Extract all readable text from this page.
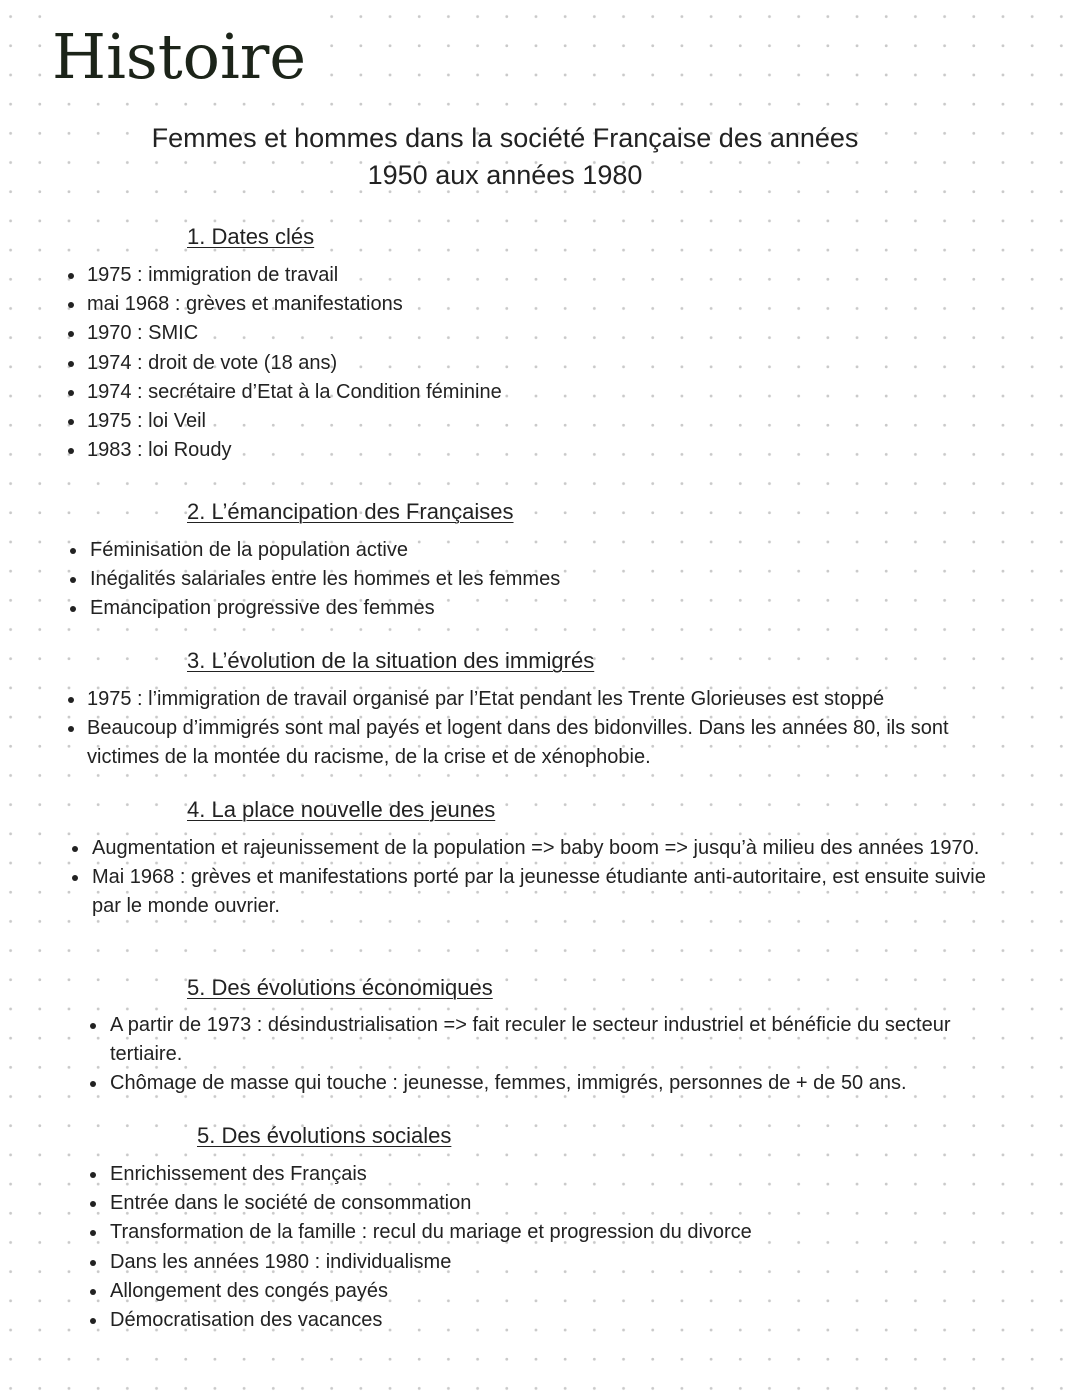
Histoire
Femmes et hommes dans la société Française des années
1950 aux années 1980
1. Dates clés
1975 : immigration de travail
mai 1968 : grèves et manifestations
1970 : SMIC
1974 : droit de vote (18 ans)
1974 : secrétaire d’Etat à la Condition féminine
1975 : loi Veil
1983 : loi Roudy
2. L’émancipation des Françaises
Féminisation de la population active
Inégalités salariales entre les hommes et les femmes
Emancipation progressive des femmes
3. L’évolution de la situation des immigrés
1975 : l’immigration de travail organisé par l’Etat pendant les Trente Glorieuses est stoppé
Beaucoup d’immigrés sont mal payés et logent dans des bidonvilles. Dans les années 80, ils sont victimes de la montée du racisme, de la crise et de xénophobie.
4. La place nouvelle des jeunes
Augmentation et rajeunissement de la population => baby boom => jusqu’à milieu des années 1970.
Mai 1968 : grèves et manifestations porté par la jeunesse étudiante anti-autoritaire, est ensuite suivie par le monde ouvrier.
5. Des évolutions économiques
A partir de 1973 : désindustrialisation => fait reculer le secteur industriel et bénéficie du secteur tertiaire.
Chômage de masse qui touche : jeunesse, femmes, immigrés, personnes de + de 50 ans.
5. Des évolutions sociales
Enrichissement des Français
Entrée dans le société de consommation
Transformation de la famille : recul du mariage et progression du divorce
Dans les années 1980 : individualisme
Allongement des congés payés
Démocratisation des vacances
